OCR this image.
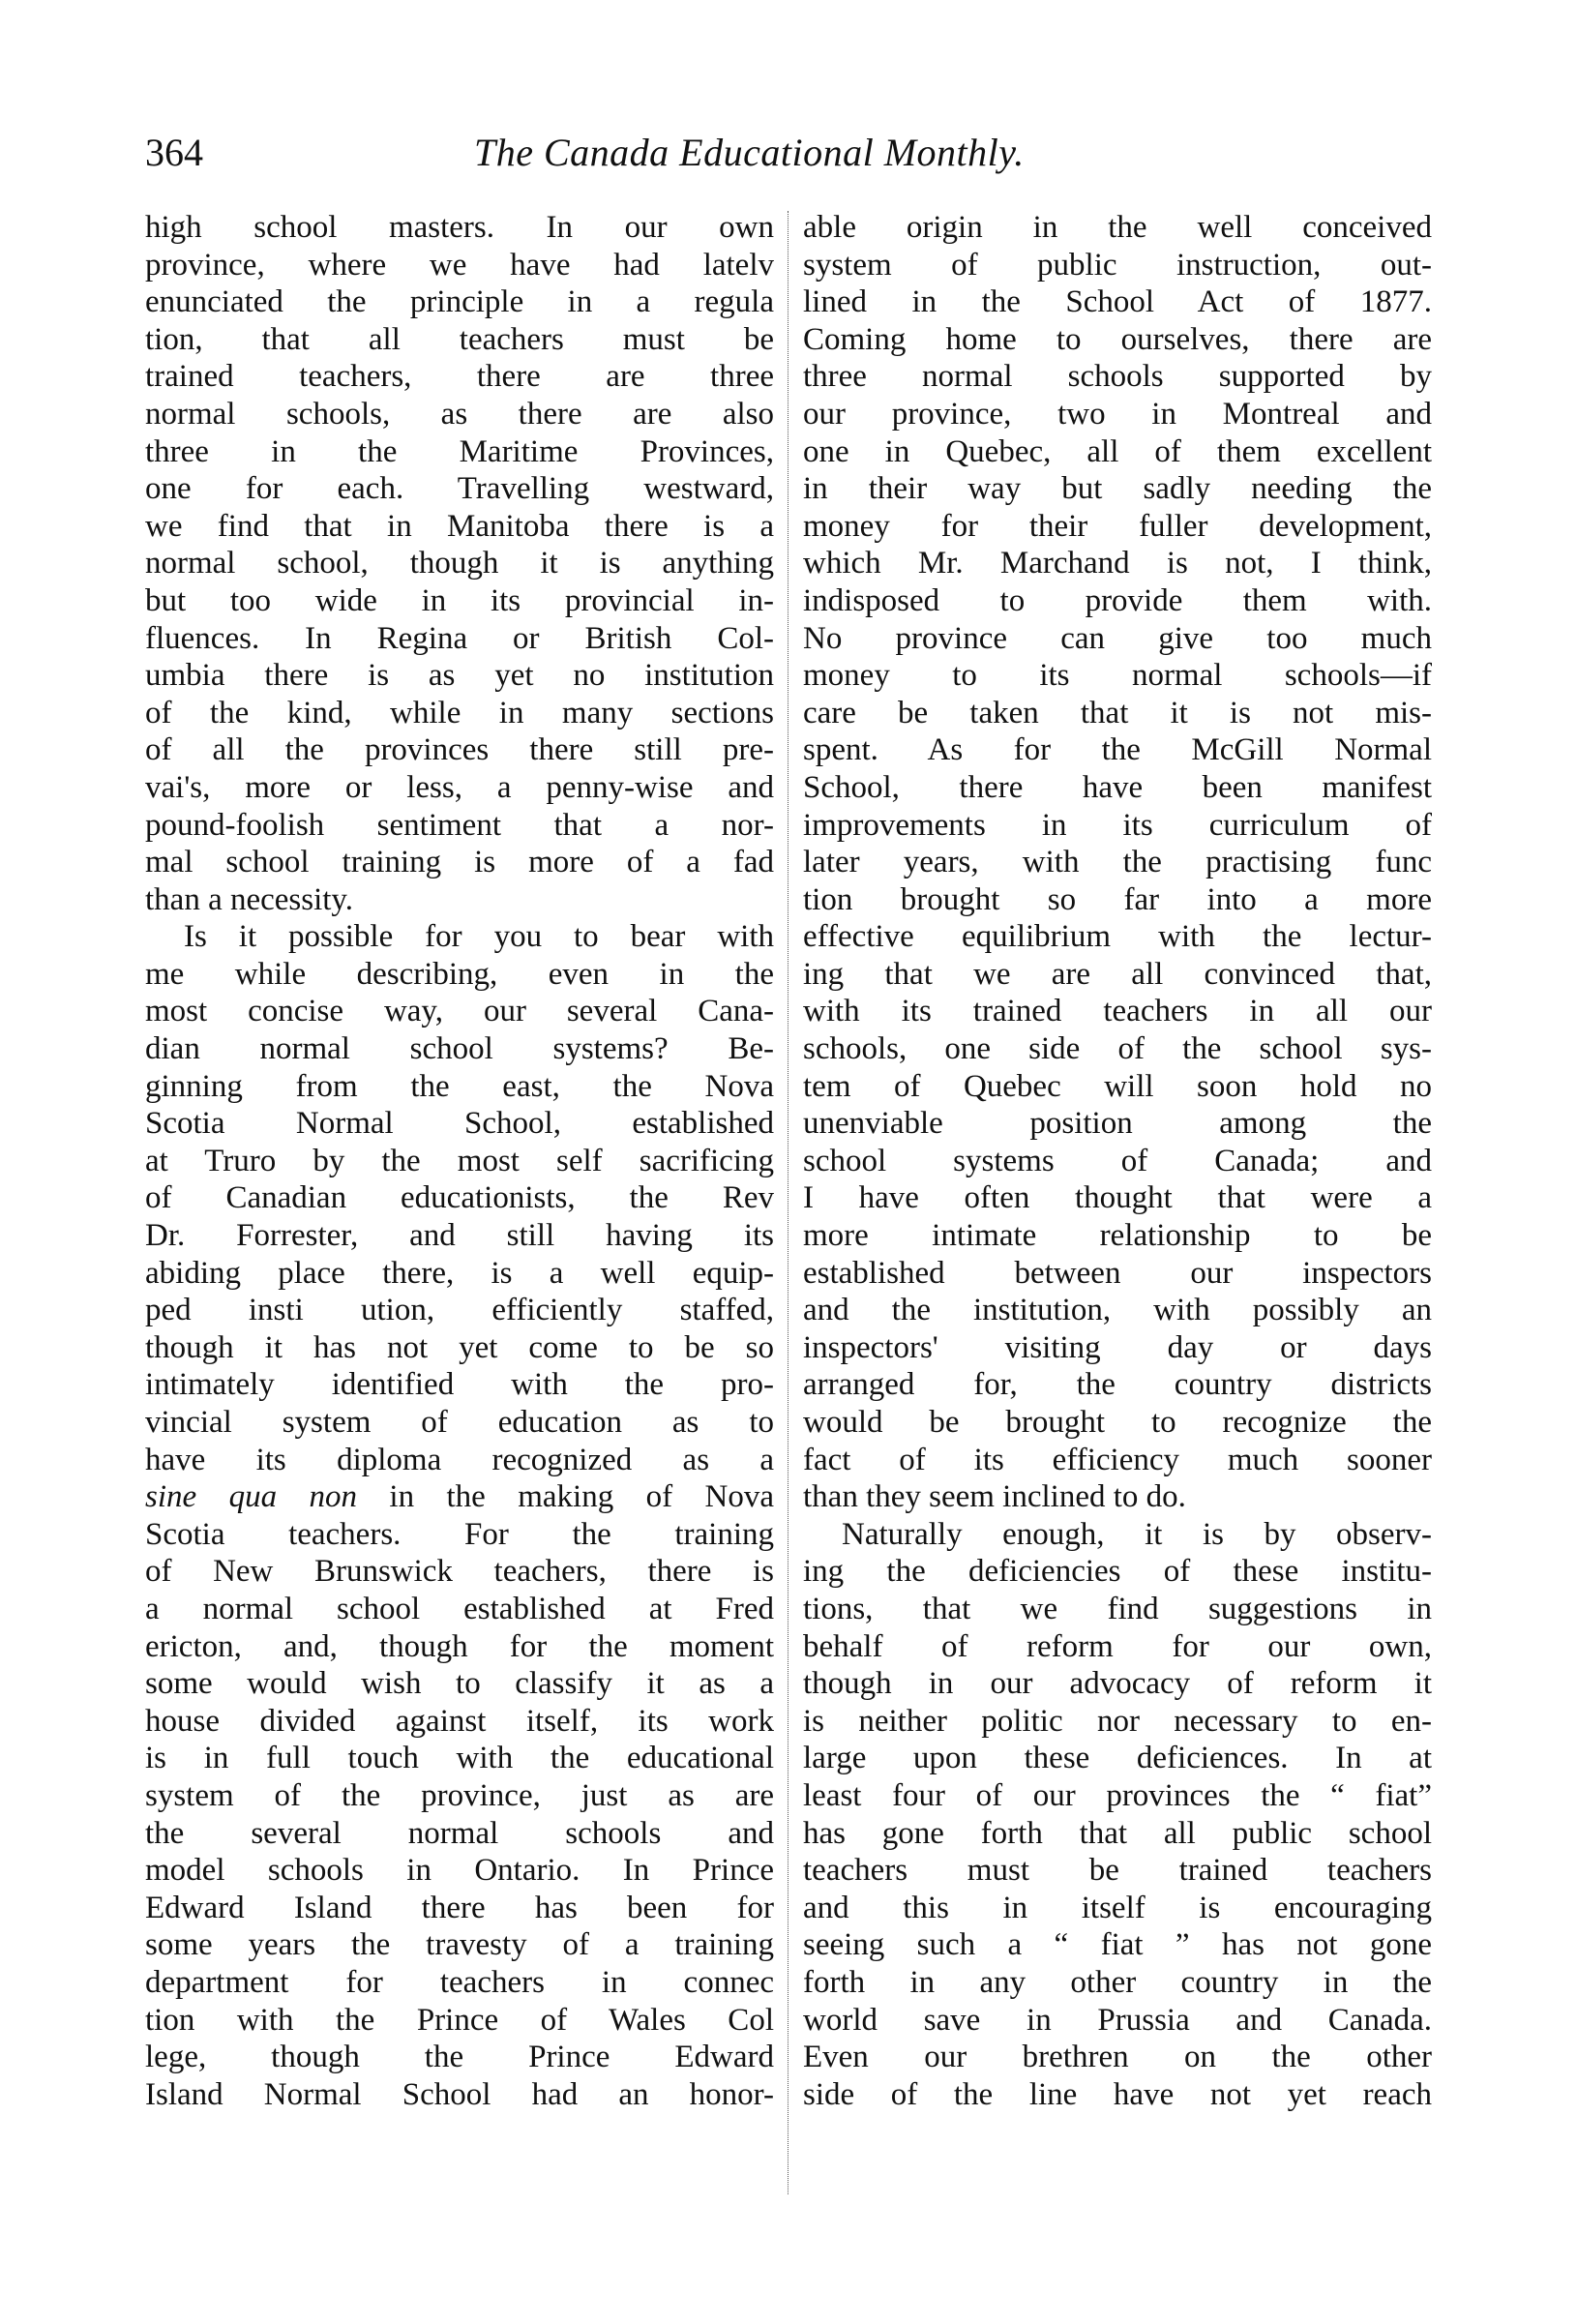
364	The Canada Educational Monthly.
high school masters. In our own
province, where we have had latelv
enunciated the principle in a regula
tion, that all teachers must be
trained teachers, there are three
normal schools, as there are also
three in the Maritime Provinces,
one for each. Travelling westward,
we find that in Manitoba there is a
normal school, though it is anything
but too wide in its provincial in-
fluences. In Regina or British Col-
umbia there is as yet no institution
of the kind, while in many sections
of all the provinces there still pre-
vai's, more or less, a penny-wise and
pound-foolish sentiment that a nor-
mal school training is more of a fad
than a necessity.
Is it possible for you to bear with
me while describing, even in the
most concise way, our several Cana-
dian normal school systems? Be-
ginning from the east, the Nova
Scotia Normal School, established
at Truro by the most self sacrificing
of Canadian educationists, the Rev
Dr. Forrester, and still having its
abiding place there, is a well equip-
ped insti ution, efficiently staffed,
though it has not yet come to be so
intimately identified with the pro-
vincial system of education as to
have its diploma recognized as a
sine qua non in the making of Nova
Scotia teachers. For the training
of New Brunswick teachers, there is
a normal school established at Fred
ericton, and, though for the moment
some would wish to classify it as a
house divided against itself, its work
is in full touch with the educational
system of the province, just as are
the several normal schools and
model schools in Ontario. In Prince
Edward Island there has been for
some years the travesty of a training
department for teachers in connec
tion with the Prince of Wales Col
lege, though the Prince Edward
Island Normal School had an honor-
able origin in the well conceived
system of public instruction, out-
lined in the School Act of 1877.
Coming home to ourselves, there are
three normal schools supported by
our province, two in Montreal and
one in Quebec, all of them excellent
in their way but sadly needing the
money for their fuller development,
which Mr. Marchand is not, I think,
indisposed to provide them with.
No province can give too much
money to its normal schools—if
care be taken that it is not mis-
spent. As for the McGill Normal
School, there have been manifest
improvements in its curriculum of
later years, with the practising func
tion brought so far into a more
effective equilibrium with the lectur-
ing that we are all convinced that,
with its trained teachers in all our
schools, one side of the school sys-
tem of Quebec will soon hold no
unenviable position among the
school systems of Canada; and
I have often thought that were a
more intimate relationship to be
established between our inspectors
and the institution, with possibly an
inspectors' visiting day or days
arranged for, the country districts
would be brought to recognize the
fact of its efficiency much sooner
than they seem inclined to do.
Naturally enough, it is by observ-
ing the deficiencies of these institu-
tions, that we find suggestions in
behalf of reform for our own,
though in our advocacy of reform it
is neither politic nor necessary to en-
large upon these deficiences. In at
least four of our provinces the “ fiat”
has gone forth that all public school
teachers must be trained teachers
and this in itself is encouraging
seeing such a “ fiat ” has not gone
forth in any other country in the
world save in Prussia and Canada.
Even our brethren on the other
side of the line have not yet reach
